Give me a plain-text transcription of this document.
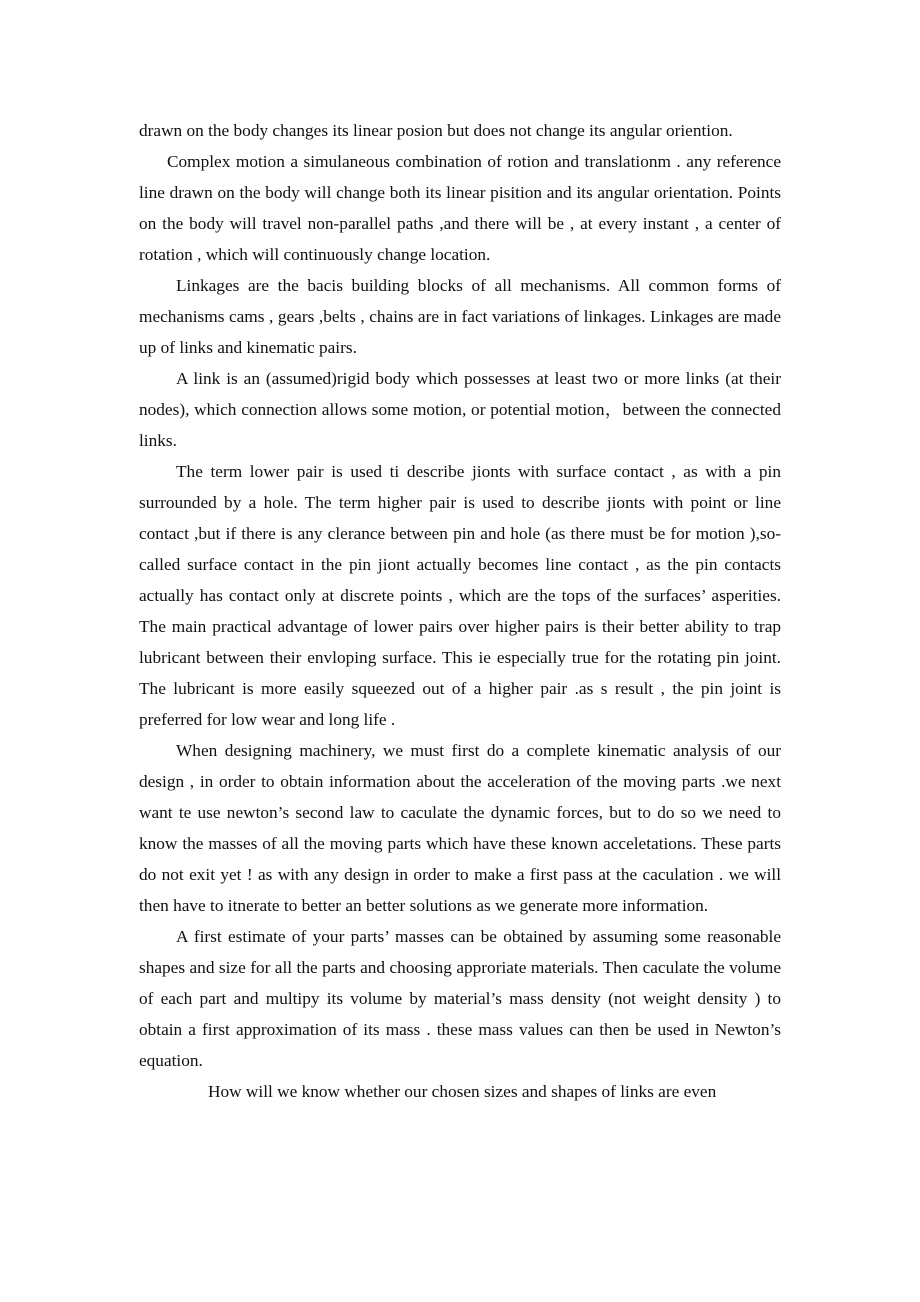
drawn on the body changes its linear posion but does not change its angular oriention.

Complex motion a simulaneous combination of rotion and translationm . any reference line drawn on the body will change both its linear pisition and its angular orientation. Points on the body will travel non-parallel paths ,and there will be , at every instant , a center of rotation , which will continuously change location.

Linkages are the bacis building blocks of all mechanisms. All common forms of mechanisms cams , gears ,belts , chains are in fact variations of linkages. Linkages are made up of links and kinematic pairs.

A link is an (assumed)rigid body which possesses at least two or more links (at their nodes), which connection allows some motion, or potential motion，between the connected links.

The term lower pair is used ti describe jionts with surface contact , as with a pin surrounded by a hole. The term higher pair is used to describe jionts with point or line contact ,but if there is any clerance between pin and hole (as there must be for motion ),so-called surface contact in the pin jiont actually becomes line contact , as the pin contacts actually has contact only at discrete points , which are the tops of the surfaces’ asperities. The main practical advantage of lower pairs over higher pairs is their better ability to trap lubricant between their envloping surface. This ie especially true for the rotating pin joint. The lubricant is more easily squeezed out of a higher pair .as s result , the pin joint is preferred for low wear and long life .

When designing machinery, we must first do a complete kinematic analysis of our design , in order to obtain information about the acceleration of the moving parts .we next want te use newton’s second law to caculate the dynamic forces, but to do so we need to know the masses of all the moving parts which have these known acceletations. These parts do not exit yet ! as with any design in order to make a first pass at the caculation . we will then have to itnerate to better an better solutions as we generate more information.

A first estimate of your parts’ masses can be obtained by assuming some reasonable shapes and size for all the parts and choosing approriate materials. Then caculate the volume of each part and multipy its volume by material’s mass density (not weight density ) to obtain a first approximation of its mass . these mass values can then be used in Newton’s equation.

How will we know whether our chosen sizes and shapes of links are even
